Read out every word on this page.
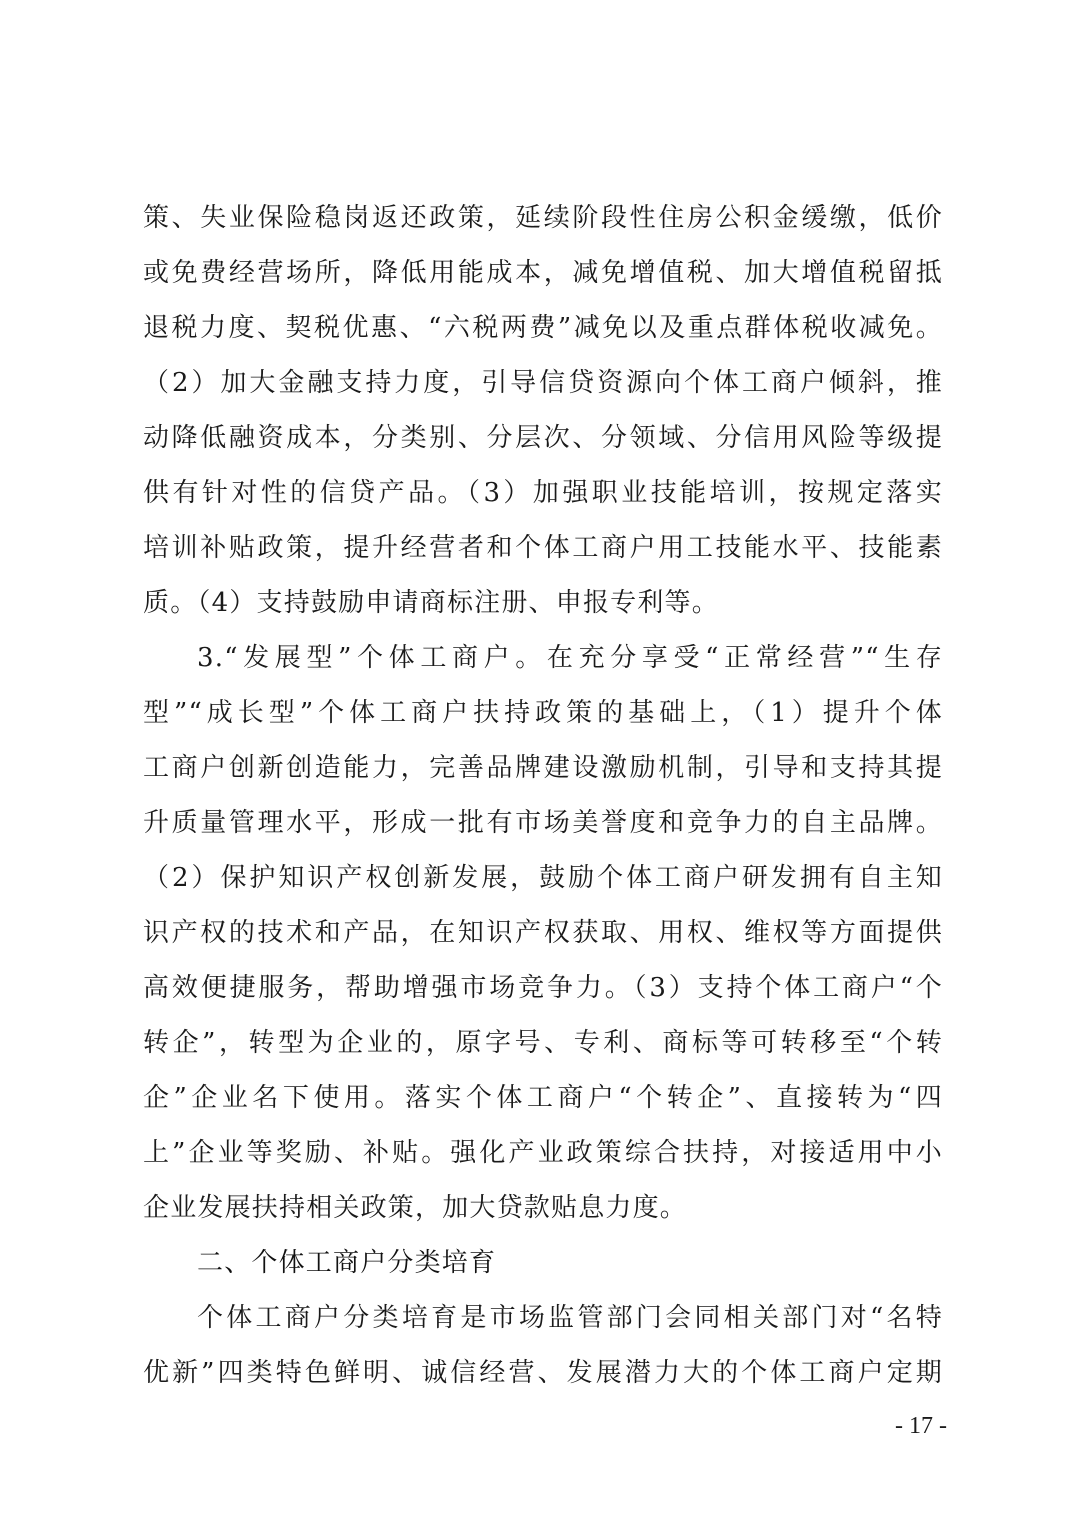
策、失业保险稳岗返还政策，延续阶段性住房公积金缓缴，低价
或免费经营场所，降低用能成本，减免增值税、加大增值税留抵
退税力度、契税优惠、“六税两费”减免以及重点群体税收减免。
（2）加大金融支持力度，引导信贷资源向个体工商户倾斜，推
动降低融资成本，分类别、分层次、分领域、分信用风险等级提
供有针对性的信贷产品。（3）加强职业技能培训，按规定落实
培训补贴政策，提升经营者和个体工商户用工技能水平、技能素
质。（4）支持鼓励申请商标注册、申报专利等。
3.“发展型”个体工商户。在充分享受“正常经营”“生存
型”“成长型”个体工商户扶持政策的基础上，（1）提升个体
工商户创新创造能力，完善品牌建设激励机制，引导和支持其提
升质量管理水平，形成一批有市场美誉度和竞争力的自主品牌。
（2）保护知识产权创新发展，鼓励个体工商户研发拥有自主知
识产权的技术和产品，在知识产权获取、用权、维权等方面提供
高效便捷服务，帮助增强市场竞争力。（3）支持个体工商户“个
转企”，转型为企业的，原字号、专利、商标等可转移至“个转
企”企业名下使用。落实个体工商户“个转企”、直接转为“四
上”企业等奖励、补贴。强化产业政策综合扶持，对接适用中小
企业发展扶持相关政策，加大贷款贴息力度。
二、个体工商户分类培育
个体工商户分类培育是市场监管部门会同相关部门对“名特
优新”四类特色鲜明、诚信经营、发展潜力大的个体工商户定期
- 17 -
